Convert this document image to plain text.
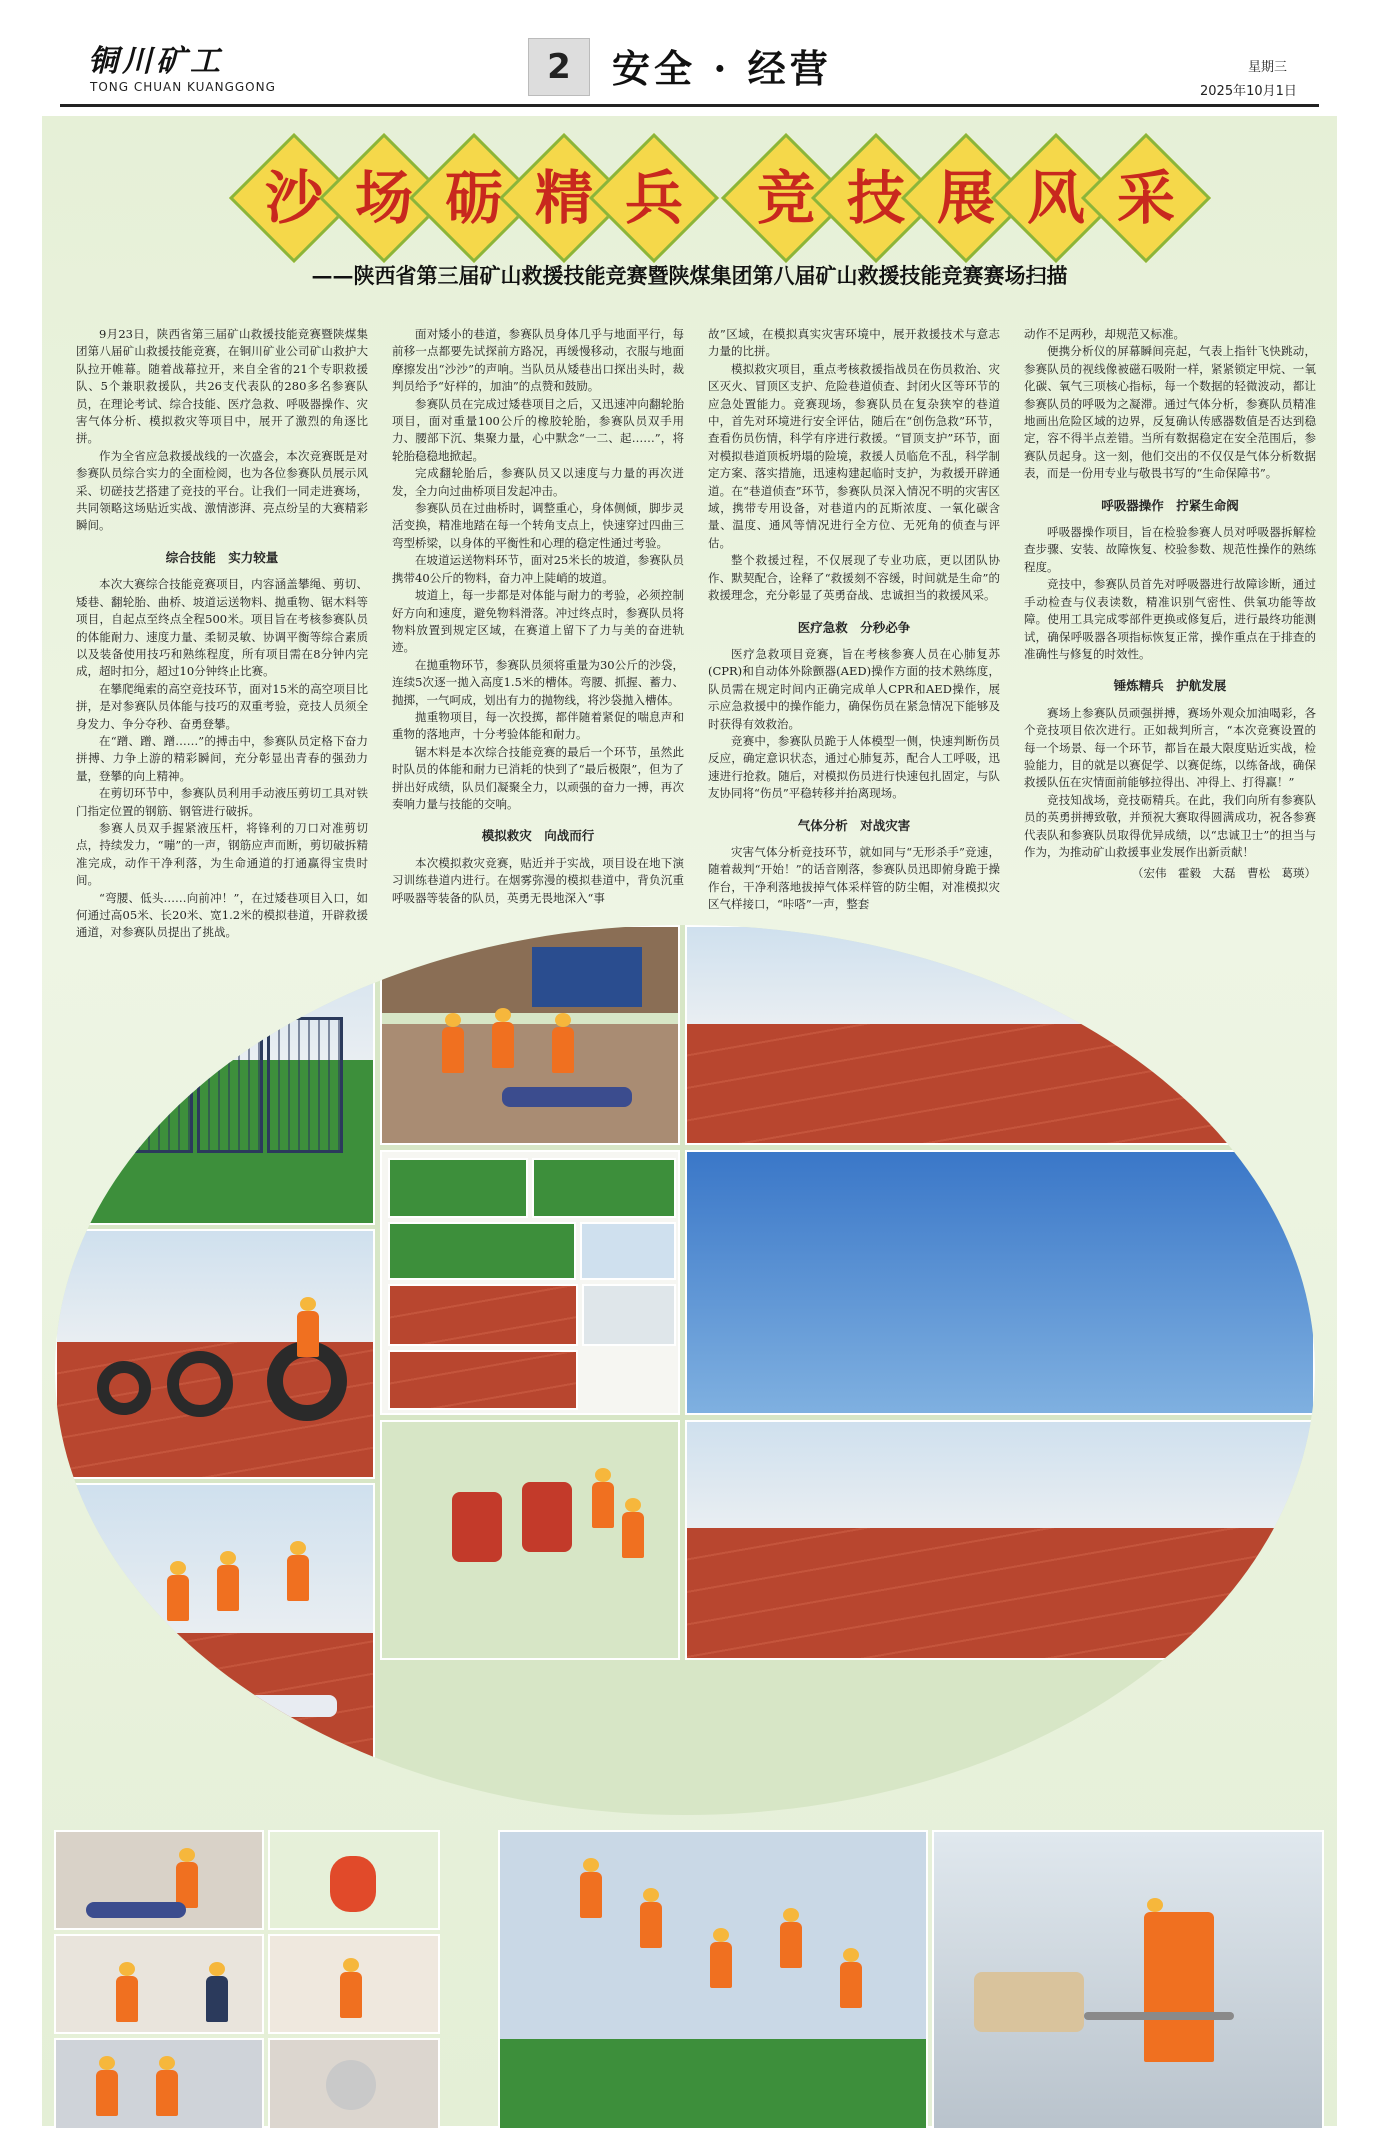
铜川矿工
TONG CHUAN KUANGGONG	2	安全 · 经营	星期三
2025年10月1日
沙 场 砺 精 兵	竞 技 展 风 采
——陕西省第三届矿山救援技能竞赛暨陕煤集团第八届矿山救援技能竞赛赛场扫描

9月23日，陕西省第三届矿山救援技能竞赛暨陕煤集团第八届矿山救援技能竞赛，在铜川矿业公司矿山救护大队拉开帷幕。随着战幕拉开，来自全省的21个专职救援队、5个兼职救援队，共26支代表队的280多名参赛队员，在理论考试、综合技能、医疗急救、呼吸器操作、灾害气体分析、模拟救灾等项目中，展开了激烈的角逐比拼。

作为全省应急救援战线的一次盛会，本次竞赛既是对参赛队员综合实力的全面检阅，也为各位参赛队员展示风采、切磋技艺搭建了竞技的平台。让我们一同走进赛场，共同领略这场贴近实战、激情澎湃、亮点纷呈的大赛精彩瞬间。

综合技能　实力较量

本次大赛综合技能竞赛项目，内容涵盖攀绳、剪切、矮巷、翻轮胎、曲桥、坡道运送物料、拋重物、锯木料等项目，自起点至终点全程500米。项目旨在考核参赛队员的体能耐力、速度力量、柔韧灵敏、协调平衡等综合素质以及装备使用技巧和熟练程度，所有项目需在8分钟内完成，超时扣分，超过10分钟终止比赛。

在攀爬绳索的高空竞技环节，面对15米的高空项目比拼，是对参赛队员体能与技巧的双重考验，竞技人员须全身发力、争分夺秒、奋勇登攀。

在“蹭、蹭、蹭……”的搏击中，参赛队员定格下奋力拼搏、力争上游的精彩瞬间，充分彰显出青春的强劲力量，登攀的向上精神。

在剪切环节中，参赛队员利用手动液压剪切工具对铁门指定位置的钢筋、钢管进行破拆。

参赛人员双手握紧液压杆，将锋利的刀口对准剪切点，持续发力，“嘣”的一声，钢筋应声而断，剪切破拆精准完成，动作干净利落，为生命通道的打通赢得宝贵时间。

“弯腰、低头……向前冲！”，在过矮巷项目入口，如何通过高05米、长20米、宽1.2米的模拟巷道，开辟救援

面对矮小的巷道，参赛队员身体几乎与地面平行，每前移一点都要先试探前方路况，再缓慢移动，衣服与地面摩擦发出“沙沙”的声响。当队员从矮巷出口探出头时，裁判员给予“好样的，加油”的点赞和鼓励。

参赛队员在完成过矮巷项目之后，又迅速冲向翻轮胎项目，面对重量100公斤的橡胶轮胎，参赛队员双手用力、腰部下沉、集聚力量，心中默念“一二、起……”，将轮胎稳稳地掀起。

完成翻轮胎后，参赛队员又以速度与力量的再次迸发，全力向过曲桥项目发起冲击。

参赛队员在过曲桥时，调整重心，身体侧倾，脚步灵活变换，精准地踏在每一个转角支点上，快速穿过四曲三弯型桥梁，以身体的平衡性和心理的稳定性通过考验。

在坡道运送物料环节，面对25米长的坡道，参赛队员携带40公斤的物料，奋力冲上陡峭的坡道。

坡道上，每一步都是对体能与耐力的考验，必须控制好方向和速度，避免物料滑落。冲过终点时，参赛队员将物料放置到规定区域，在赛道上留下了力与美的奋进轨迹。

在拋重物环节，参赛队员须将重量为30公斤的沙袋，连续5次逐一拋入高度1.5米的槽体。弯腰、抓握、蓄力、抛掷，一气呵成，划出有力的抛物线，将沙袋拋入槽体。

拋重物项目，每一次投掷，都伴随着紧促的喘息声和重物的落地声，十分考验体能和耐力。

锯木料是本次综合技能竞赛的最后一个环节，虽然此时队员的体能和耐力已消耗的快到了“最后极限”，但为了拼出好成绩，队员们凝聚全力，以顽强的奋力一搏，再次奏响力量与技能的交响。

模拟救灾　向战而行

本次模拟救灾竞赛，贴近并于实战，项目设在地下演习训练巷道内进行。在烟雾弥漫的模拟巷道中，背负沉重呼吸器等装备的队员，英勇无畏地深入“事

故”区域，在模拟真实灾害环境中，展开救援技术与意志力量的比拼。

模拟救灾项目，重点考核救援指战员在伤员救治、灾区灭火、冒顶区支护、危险巷道侦查、封闭火区等环节的应急处置能力。竞赛现场，参赛队员在复杂狭窄的巷道中，首先对环境进行安全评估，随后在“创伤急救”环节，查看伤员伤情，科学有序进行救援。“冒顶支护”环节，面对模拟巷道顶板坍塌的险境，救援人员临危不乱，科学制定方案、落实措施，迅速构建起临时支护，为救援开辟通道。在“巷道侦查”环节，参赛队员深入情况不明的灾害区域，携带专用设备，对巷道内的瓦斯浓度、一氧化碳含量、温度、通风等情况进行全方位、无死角的侦查与评估。

整个救援过程，不仅展现了专业功底，更以团队协作、默契配合，诠释了“救援刻不容缓，时间就是生命”的救援理念，充分彰显了英勇奋战、忠诚担当的救援风采。

医疗急救　分秒必争

医疗急救项目竞赛，旨在考核参赛人员在心肺复苏(CPR)和自动体外除颤器(AED)操作方面的技术熟练度，队员需在规定时间内正确完成单人CPR和AED操作，展示应急救援中的操作能力，确保伤员在紧急情况下能够及时获得有效救治。

竞赛中，参赛队员跪于人体模型一侧，快速判断伤员反应，确定意识状态，通过心肺复苏，配合人工呼吸，迅速进行抢救。随后，对模拟伤员进行快速包扎固定，与队友协同将“伤员”平稳转移并抬离现场。

气体分析　对战灾害

灾害气体分析竞技环节，就如同与“无形杀手”竞速，随着裁判“开始！”的话音刚落，参赛队员迅即俯身跪于操作台，干净利落地拔掉气体采样管的防尘帽，对准模拟灾区气样接口，“咔嗒”一声，整套

动作不足两秒，却规范又标准。

便携分析仪的屏幕瞬间亮起，气表上指针飞快跳动，参赛队员的视线像被磁石吸附一样，紧紧锁定甲烷、一氧化碳、氧气三项核心指标，每一个数据的轻微波动，都让参赛队员的呼吸为之凝滞。通过气体分析，参赛队员精准地画出危险区域的边界，反复确认传感器数值是否达到稳定，容不得半点差错。当所有数据稳定在安全范围后，参赛队员起身。这一刻，他们交出的不仅仅是气体分析数据表，而是一份用专业与敬畏书写的“生命保障书”。

呼吸器操作　拧紧生命阀

呼吸器操作项目，旨在检验参赛人员对呼吸器拆解检查步骤、安装、故障恢复、校验参数、规范性操作的熟练程度。

竞技中，参赛队员首先对呼吸器进行故障诊断，通过手动检查与仪表读数，精准识别气密性、供氧功能等故障。使用工具完成零部件更换或修复后，进行最终功能测试，确保呼吸器各项指标恢复正常，操作重点在于排查的准确性与修复的时效性。

锤炼精兵　护航发展

赛场上参赛队员顽强拼搏，赛场外观众加油喝彩，各个竞技项目依次进行。正如裁判所言，“本次竞赛设置的每一个场景、每一个环节，都旨在最大限度贴近实战，检验能力，目的就是以赛促学、以赛促练，以练备战，确保救援队伍在灾情面前能够拉得出、冲得上、打得赢！”

竞技知战场，竞技砺精兵。在此，我们向所有参赛队员的英勇拼搏致敬，并预祝大赛取得圆满成功，祝各参赛代表队和参赛队员取得优异成绩，以“忠诚卫士”的担当与作为，为推动矿山救援事业发展作出新贡献！

（宏伟　霍毅　大磊　曹松　葛瑛）
